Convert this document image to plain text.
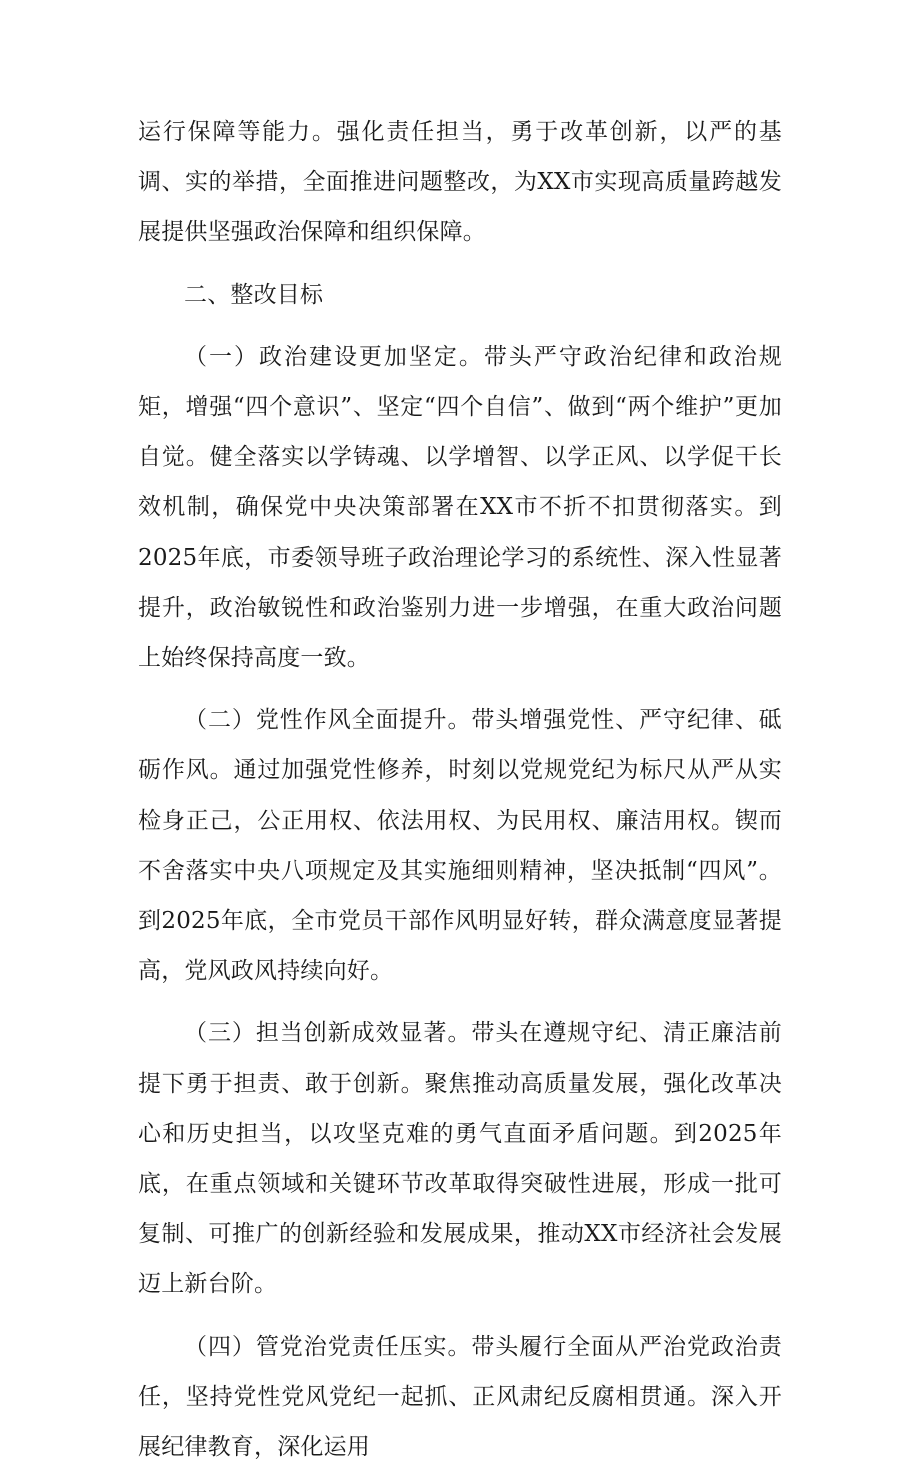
运行保障等能力。强化责任担当，勇于改革创新，以严的基调、实的举措，全面推进问题整改，为XX市实现高质量跨越发展提供坚强政治保障和组织保障。

二、整改目标

（一）政治建设更加坚定。带头严守政治纪律和政治规矩，增强“四个意识”、坚定“四个自信”、做到“两个维护”更加自觉。健全落实以学铸魂、以学增智、以学正风、以学促干长效机制，确保党中央决策部署在XX市不折不扣贯彻落实。到2025年底，市委领导班子政治理论学习的系统性、深入性显著提升，政治敏锐性和政治鉴别力进一步增强，在重大政治问题上始终保持高度一致。

（二）党性作风全面提升。带头增强党性、严守纪律、砥砺作风。通过加强党性修养，时刻以党规党纪为标尺从严从实检身正己，公正用权、依法用权、为民用权、廉洁用权。锲而不舍落实中央八项规定及其实施细则精神，坚决抵制“四风”。到2025年底，全市党员干部作风明显好转，群众满意度显著提高，党风政风持续向好。

（三）担当创新成效显著。带头在遵规守纪、清正廉洁前提下勇于担责、敢于创新。聚焦推动高质量发展，强化改革决心和历史担当，以攻坚克难的勇气直面矛盾问题。到2025年底，在重点领域和关键环节改革取得突破性进展，形成一批可复制、可推广的创新经验和发展成果，推动XX市经济社会发展迈上新台阶。

（四）管党治党责任压实。带头履行全面从严治党政治责任，坚持党性党风党纪一起抓、正风肃纪反腐相贯通。深入开展纪律教育，深化运用
